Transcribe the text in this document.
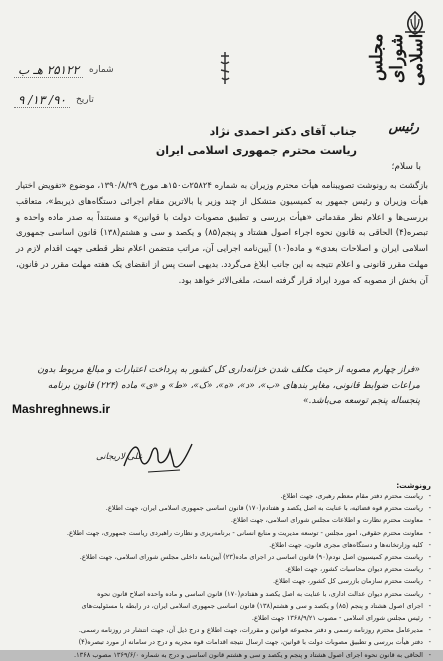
مجلس شورای اسلامی
رئیس
شماره
۲۵۱۲۲ هـ ب
تاریخ
۹۰/ ۱۳/ ۹
جناب آقای دکتر احمدی نژاد
ریاست محترم جمهوری اسلامی ایران
با سلام؛
بازگشت به رونوشت تصویبنامه هیأت محترم وزیران به شماره ۲۵۸۲۴ت۱۵۰هـ مورخ ۱۳۹۰/۸/۲۹، موضوع «تفویض اختیار هیأت وزیران و رئیس جمهور به کمیسیون متشکل از چند وزیر یا بالاترین مقام اجرائی دستگاه‌های ذیربط»، متعاقب بررسی‌ها و اعلام نظر مقدماتی «هیأت بررسی و تطبیق مصوبات دولت با قوانین» و مستنداً به صدر ماده واحده و تبصره(۴) الحاقی به قانون نحوه اجراء اصول هشتاد و پنجم(۸۵) و یکصد و سی و هشتم(۱۳۸) قانون اساسی جمهوری اسلامی ایران و اصلاحات بعدی» و ماده(۱۰) آیین‌نامه اجرایی آن، مراتب متضمن اعلام نظر قطعی جهت اقدام لازم در مهلت مقرر قانونی و اعلام نتیجه به این جانب ابلاغ می‌گردد. بدیهی است پس از انقضای یک هفته مهلت مقرر در قانون، آن بخش از مصوبه که مورد ایراد قرار گرفته است، ملغی‌الاثر خواهد بود.
«فراز چهارم مصوبه از حیث مکلف شدن خزانه‌داری کل کشور به پرداخت اعتبارات و مبالغ مربوط بدون مراعات ضوابط قانونی، مغایر بندهای «ب»، «د»، «ه»، «ک»، «ط» و «ی» ماده (۲۲۴) قانون برنامه پنجساله پنجم توسعه می‌باشد.»
Mashreghnews.ir
علی لاریجانی
رونوشت:
- ریاست محترم دفتر مقام معظم رهبری، جهت اطلاع.
- ریاست محترم قوه قضائیه، با عنایت به اصل یکصد و هفتادم(۱۷۰) قانون اساسی جمهوری اسلامی ایران، جهت اطلاع.
- معاونت محترم نظارت و اطلاعات مجلس شورای اسلامی، جهت اطلاع.
- معاونت محترم حقوقی، امور مجلس - توسعه مدیریت و منابع انسانی - برنامه‌ریزی و نظارت راهبردی ریاست جمهوری، جهت اطلاع.
- کلیه وزارتخانه‌ها و دستگاه‌های مجری قانون، جهت اطلاع.
- ریاست محترم کمیسیون اصل نودم(۹۰) قانون اساسی در اجرای ماده(۲۳) آیین‌نامه داخلی مجلس شورای اسلامی، جهت اطلاع.
- ریاست محترم دیوان محاسبات کشور، جهت اطلاع.
- ریاست محترم سازمان بازرسی کل کشور، جهت اطلاع.
- ریاست محترم دیوان عدالت اداری، با عنایت به اصل یکصد و هفتادم(۱۷۰) قانون اساسی و ماده واحده اصلاح قانون نحوه
- اجرای اصول هشتاد و پنجم (۸۵) و یکصد و سی و هشتم(۱۳۸) قانون اساسی جمهوری اسلامی ایران، در رابطه با مسئولیت‌های
- رئیس مجلس شورای اسلامی - مصوب ۱۳۶۸/۹/۲۱ جهت اطلاع.
- مدیرعامل محترم روزنامه رسمی و دفتر مجموعه قوانین و مقررات، جهت اطلاع و درج ذیل آن، جهت انتشار در روزنامه رسمی.
- دفتر هیأت بررسی و تطبیق مصوبات دولت با قوانین، جهت ارسال نتیجه اقدامات قوه مجریه و درج در سامانه از مورد تبصره(۴)
- الحاقی به قانون نحوه اجرای اصول هشتاد و پنجم و یکصد و سی و هشتم قانون اساسی و درج به شماره ۱۳۶۹/۶/۰ مصوب ۱۳۶۸.
